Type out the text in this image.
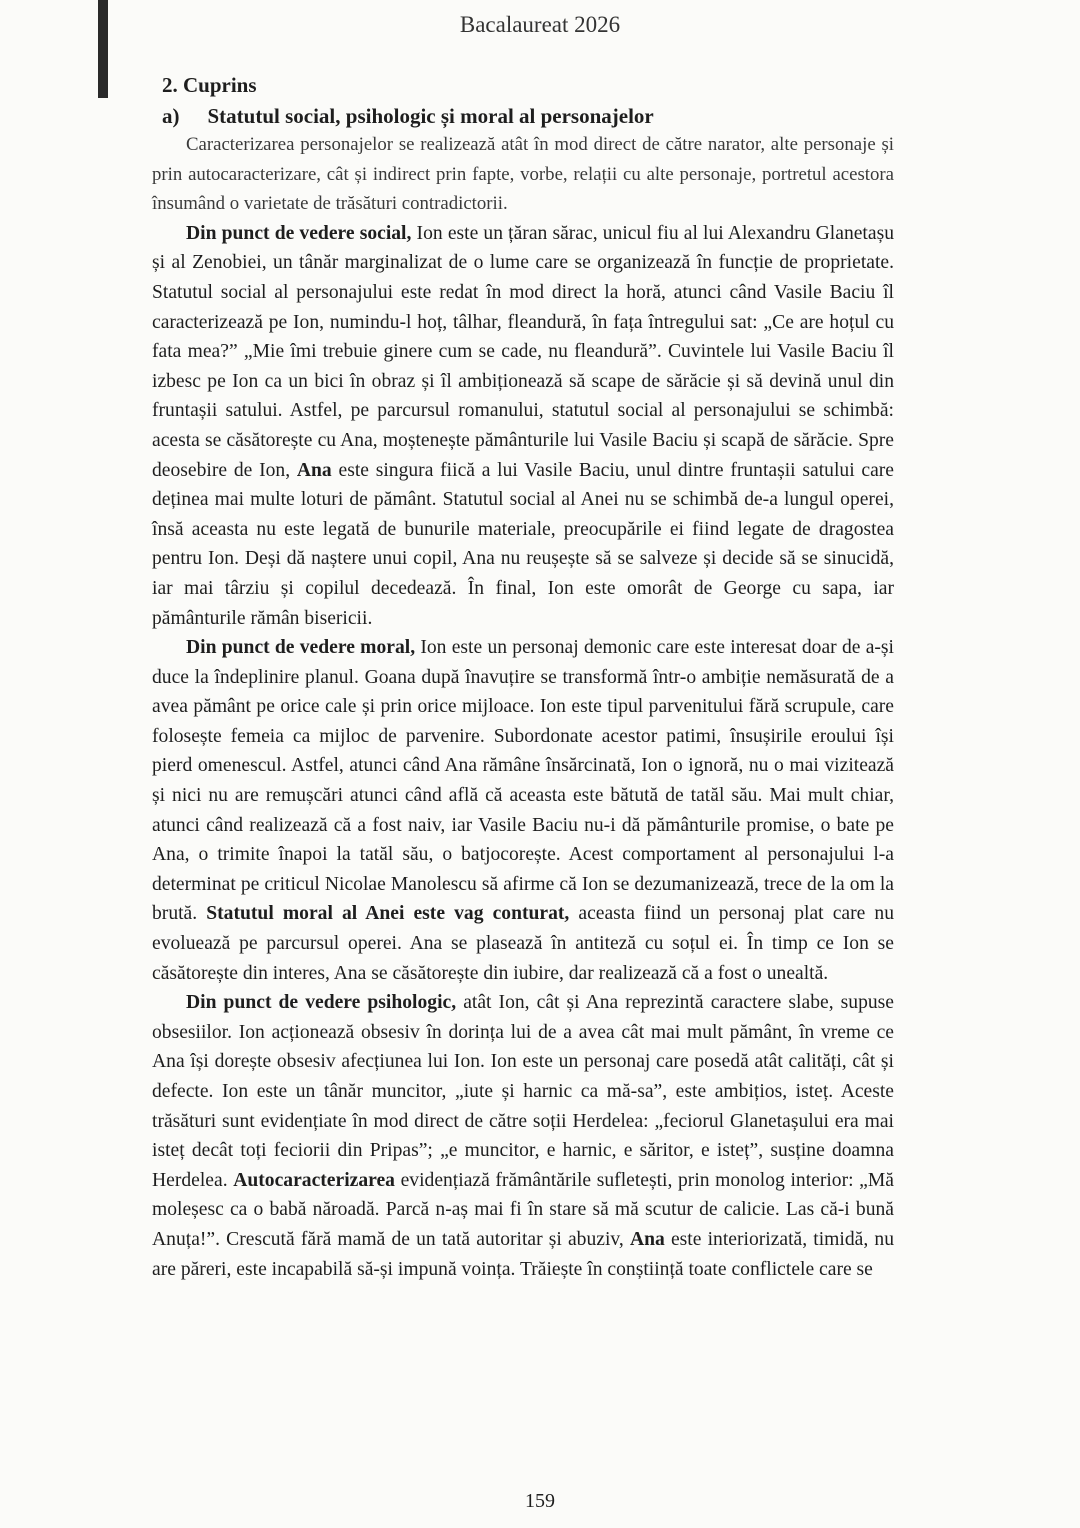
Bacalaureat 2026
2. Cuprins
a) Statutul social, psihologic și moral al personajelor

Caracterizarea personajelor se realizează atât în mod direct de către narator, alte personaje și prin autocaracterizare, cât și indirect prin fapte, vorbe, relații cu alte personaje, portretul acestora însumând o varietate de trăsături contradictorii.

Din punct de vedere social, Ion este un țăran sărac, unicul fiu al lui Alexandru Glanetașu și al Zenobiei, un tânăr marginalizat de o lume care se organizează în funcție de proprietate. Statutul social al personajului este redat în mod direct la horă, atunci când Vasile Baciu îl caracterizează pe Ion, numindu-l hoț, tâlhar, fleandură, în fața întregului sat: „Ce are hoțul cu fata mea?” „Mie îmi trebuie ginere cum se cade, nu fleandură”. Cuvintele lui Vasile Baciu îl izbesc pe Ion ca un bici în obraz și îl ambiționează să scape de sărăcie și să devină unul din fruntașii satului. Astfel, pe parcursul romanului, statutul social al personajului se schimbă: acesta se căsătorește cu Ana, moștenește pământurile lui Vasile Baciu și scapă de sărăcie. Spre deosebire de Ion, Ana este singura fiică a lui Vasile Baciu, unul dintre fruntașii satului care deținea mai multe loturi de pământ. Statutul social al Anei nu se schimbă de-a lungul operei, însă aceasta nu este legată de bunurile materiale, preocupările ei fiind legate de dragostea pentru Ion. Deși dă naștere unui copil, Ana nu reușește să se salveze și decide să se sinucidă, iar mai târziu și copilul decedează. În final, Ion este omorât de George cu sapa, iar pământurile rămân bisericii.

Din punct de vedere moral, Ion este un personaj demonic care este interesat doar de a-și duce la îndeplinire planul. Goana după înavuțire se transformă într-o ambiție nemăsurată de a avea pământ pe orice cale și prin orice mijloace. Ion este tipul parvenitului fără scrupule, care folosește femeia ca mijloc de parvenire. Subordonate acestor patimi, însușirile eroului își pierd omenescul. Astfel, atunci când Ana rămâne însărcinată, Ion o ignoră, nu o mai vizitează și nici nu are remușcări atunci când află că aceasta este bătută de tatăl său. Mai mult chiar, atunci când realizează că a fost naiv, iar Vasile Baciu nu-i dă pământurile promise, o bate pe Ana, o trimite înapoi la tatăl său, o batjocorește. Acest comportament al personajului l-a determinat pe criticul Nicolae Manolescu să afirme că Ion se dezumanizează, trece de la om la brută. Statutul moral al Anei este vag conturat, aceasta fiind un personaj plat care nu evoluează pe parcursul operei. Ana se plasează în antiteză cu soțul ei. În timp ce Ion se căsătorește din interes, Ana se căsătorește din iubire, dar realizează că a fost o unealtă.

Din punct de vedere psihologic, atât Ion, cât și Ana reprezintă caractere slabe, supuse obsesiilor. Ion acționează obsesiv în dorința lui de a avea cât mai mult pământ, în vreme ce Ana își dorește obsesiv afecțiunea lui Ion. Ion este un personaj care posedă atât calități, cât și defecte. Ion este un tânăr muncitor, „iute și harnic ca mă-sa”, este ambițios, isteț. Aceste trăsături sunt evidențiate în mod direct de către soții Herdelea: „feciorul Glanetașului era mai isteț decât toți feciorii din Pripas”; „e muncitor, e harnic, e săritor, e isteț”, susține doamna Herdelea. Autocaracterizarea evidențiază frământările sufletești, prin monolog interior: „Mă moleșesc ca o babă năroadă. Parcă n-aș mai fi în stare să mă scutur de calicie. Las că-i bună Anuța!”. Crescută fără mamă de un tată autoritar și abuziv, Ana este interiorizată, timidă, nu are păreri, este incapabilă să-și impună voința. Trăiește în conștiință toate conflictele care se

159
